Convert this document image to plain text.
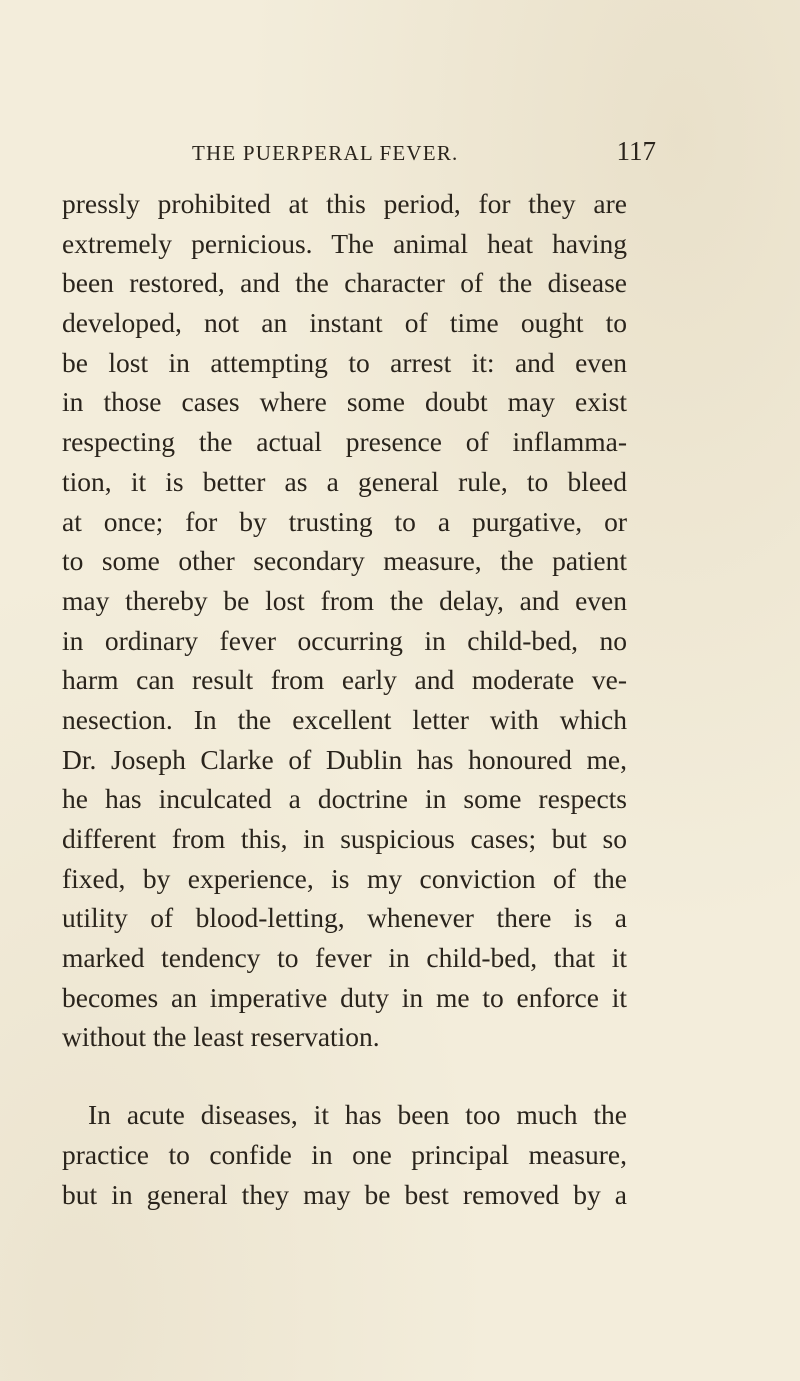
THE PUERPERAL FEVER.	117
pressly prohibited at this period, for they are
extremely pernicious. The animal heat having
been restored, and the character of the disease
developed, not an instant of time ought to
be lost in attempting to arrest it: and even
in those cases where some doubt may exist
respecting the actual presence of inflamma-
tion, it is better as a general rule, to bleed
at once; for by trusting to a purgative, or
to some other secondary measure, the patient
may thereby be lost from the delay, and even
in ordinary fever occurring in child-bed, no
harm can result from early and moderate ve-
nesection. In the excellent letter with which
Dr. Joseph Clarke of Dublin has honoured me,
he has inculcated a doctrine in some respects
different from this, in suspicious cases; but so
fixed, by experience, is my conviction of the
utility of blood-letting, whenever there is a
marked tendency to fever in child-bed, that it
becomes an imperative duty in me to enforce it
without the least reservation.
In acute diseases, it has been too much the
practice to confide in one principal measure,
but in general they may be best removed by a
